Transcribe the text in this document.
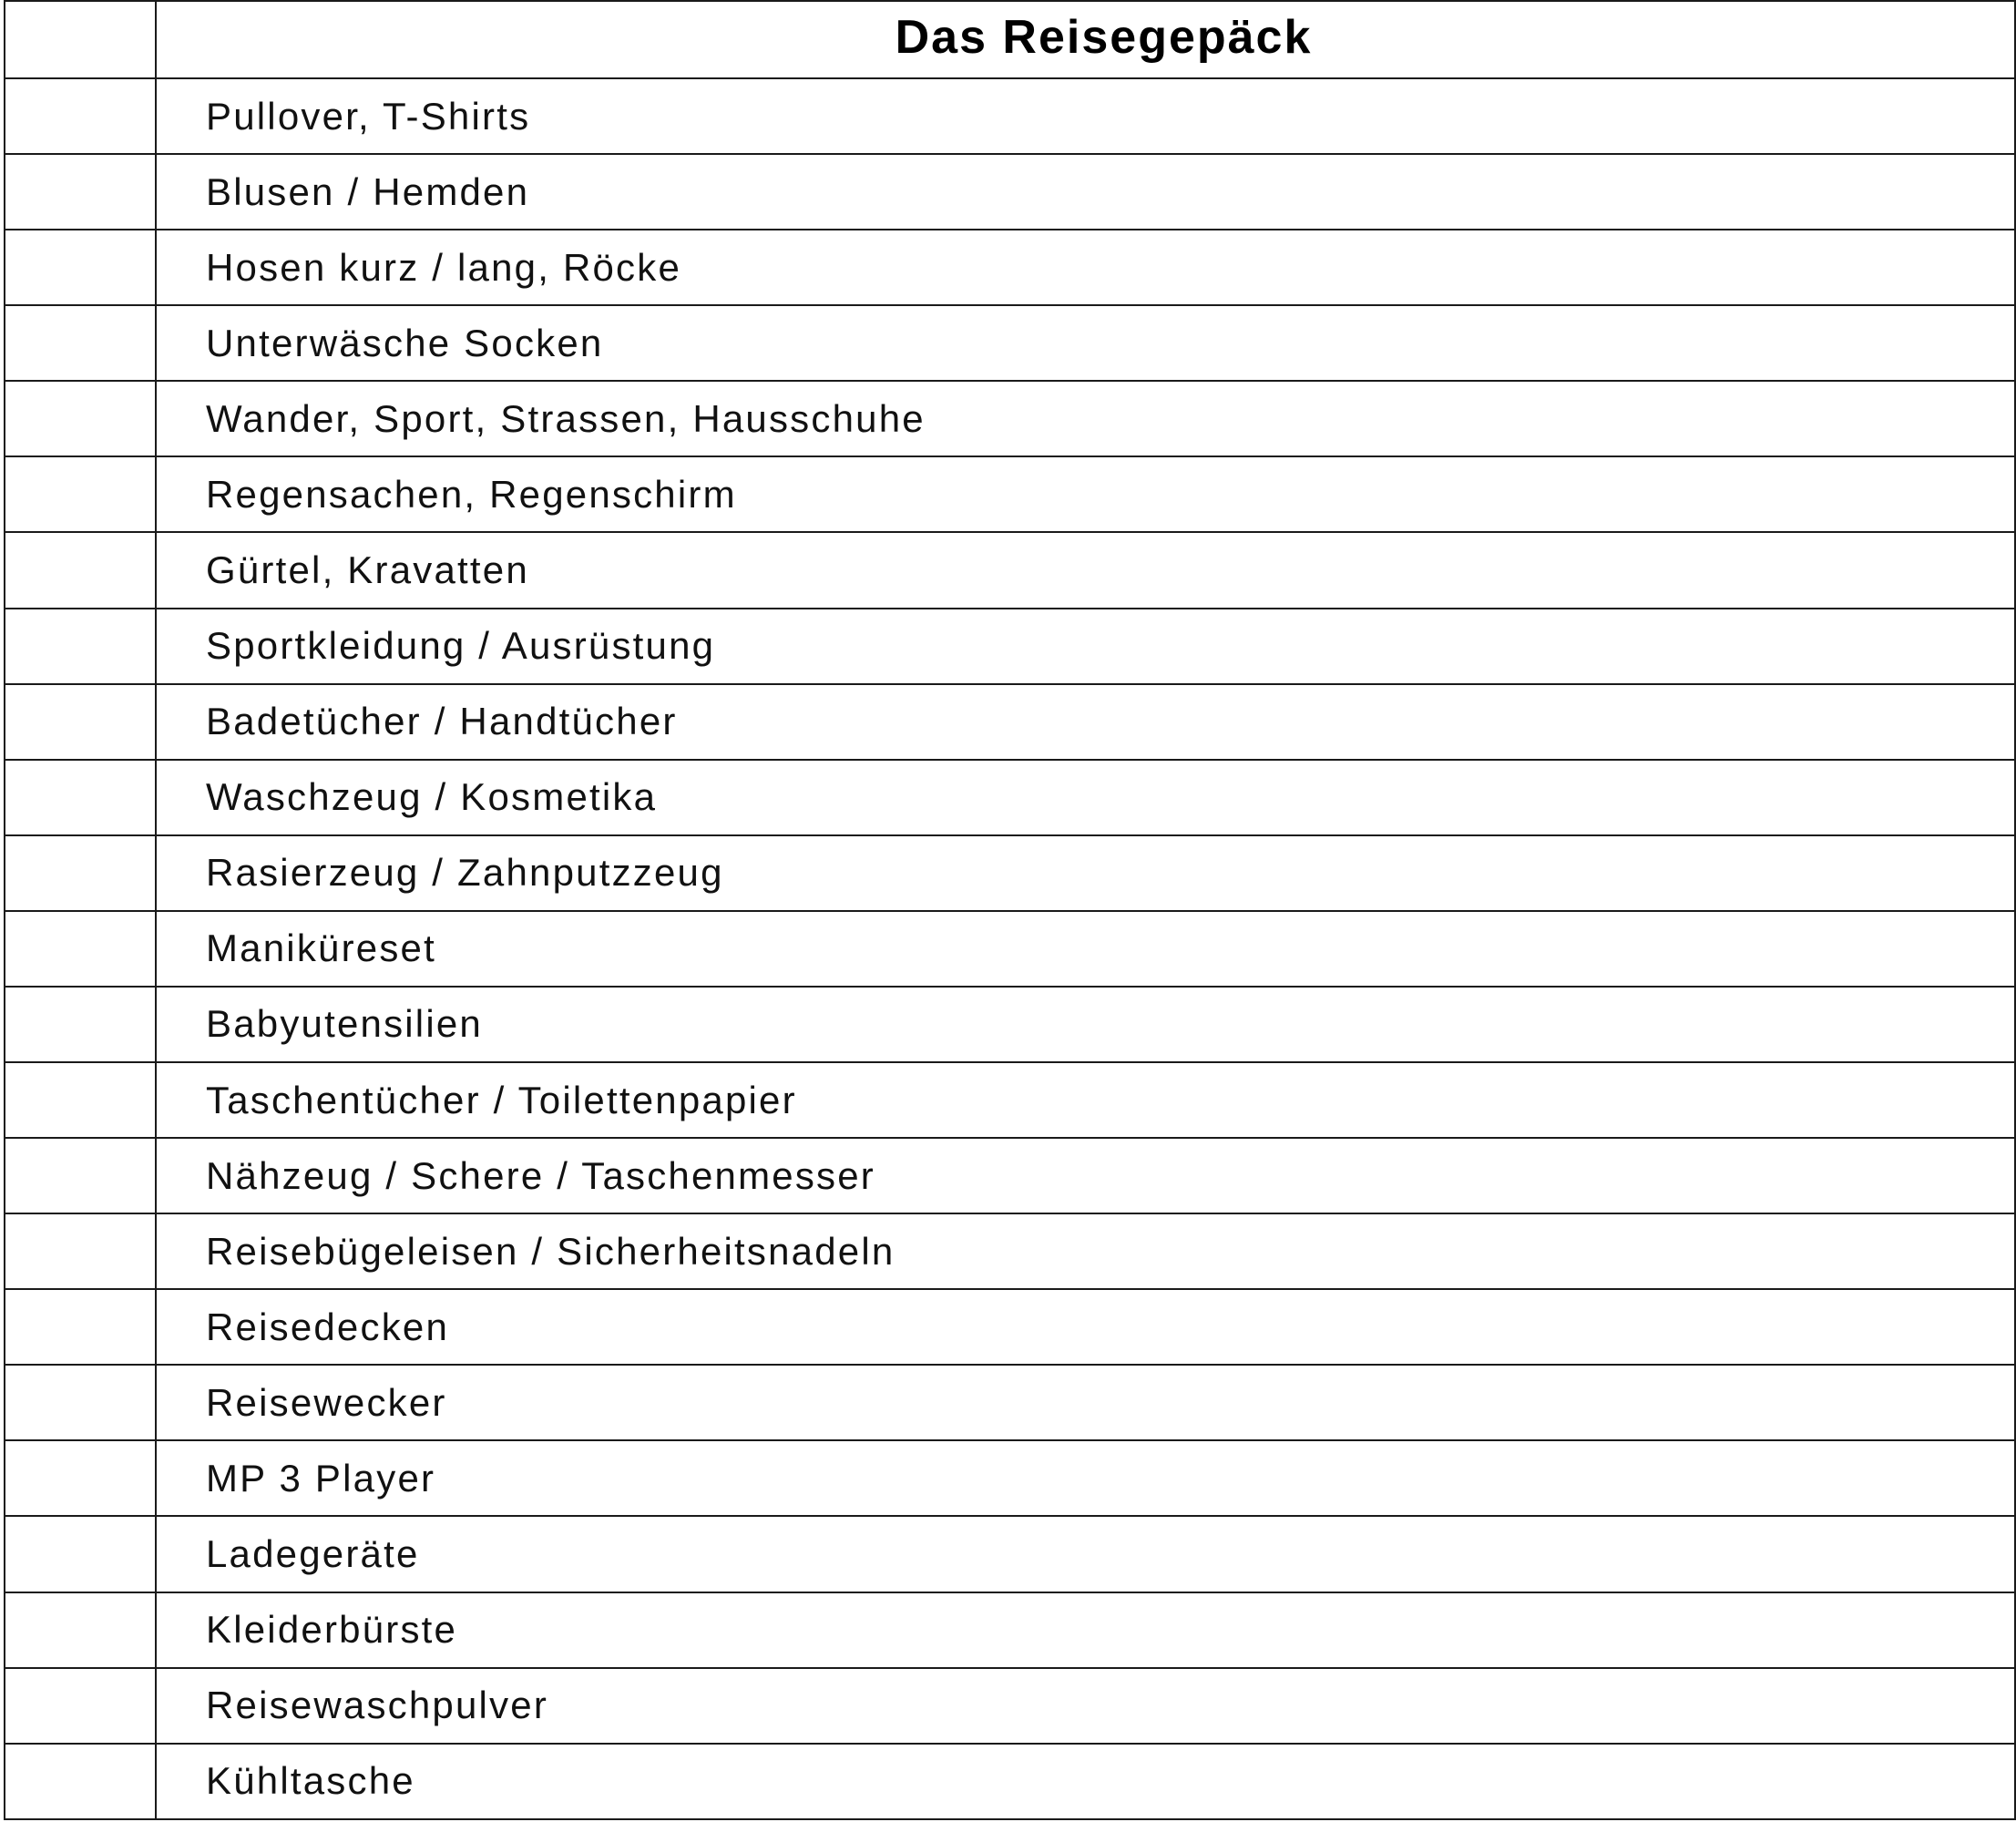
	Das Reisegepäck
	Pullover, T-Shirts
	Blusen / Hemden
	Hosen kurz / lang, Röcke
	Unterwäsche Socken
	Wander, Sport, Strassen, Hausschuhe
	Regensachen, Regenschirm
	Gürtel, Kravatten
	Sportkleidung / Ausrüstung
	Badetücher / Handtücher
	Waschzeug / Kosmetika
	Rasierzeug / Zahnputzzeug
	Maniküreset
	Babyutensilien
	Taschentücher / Toilettenpapier
	Nähzeug / Schere / Taschenmesser
	Reisebügeleisen / Sicherheitsnadeln
	Reisedecken
	Reisewecker
	MP 3 Player
	Ladegeräte
	Kleiderbürste
	Reisewaschpulver
	Kühltasche
